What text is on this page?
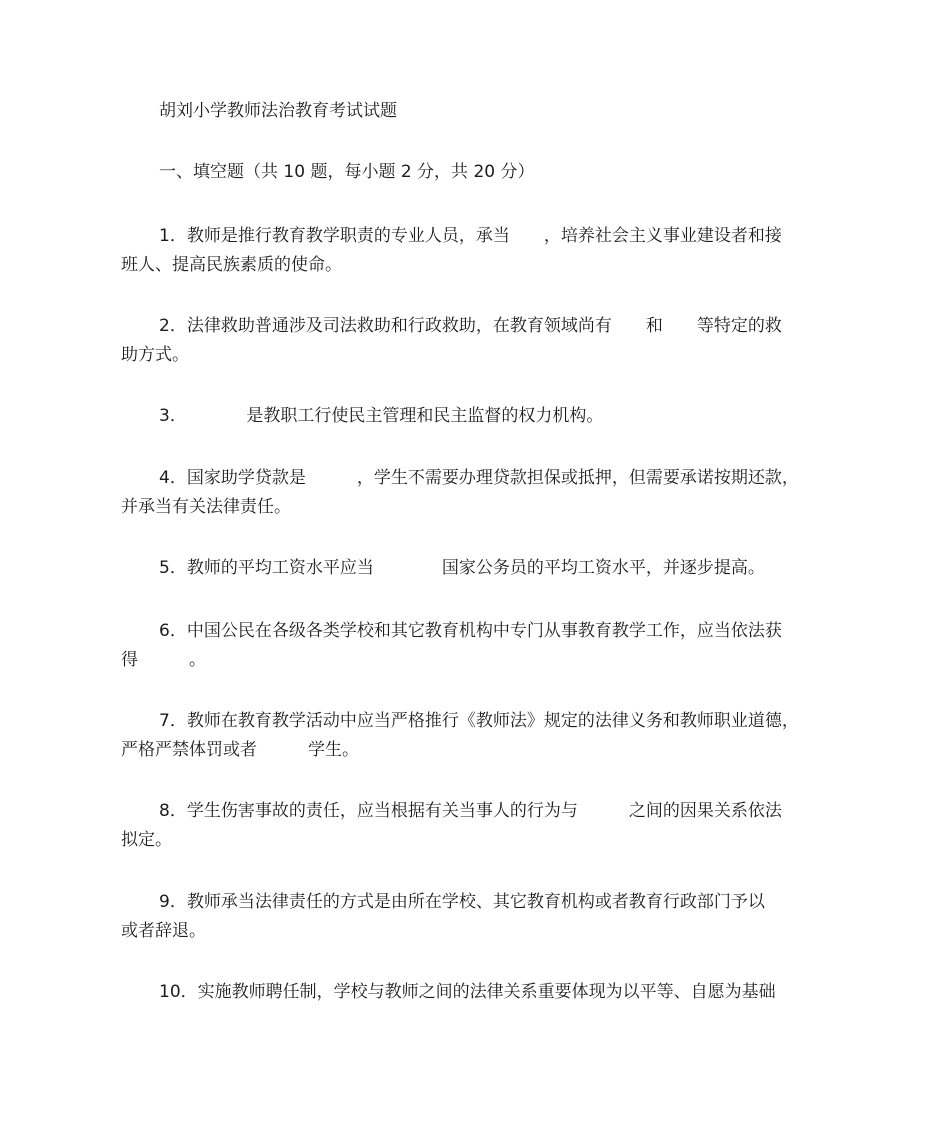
胡刘小学教师法治教育考试试题
一、填空题（共 10 题，每小题 2 分，共 20 分）
1．教师是推行教育教学职责的专业人员，承当　　，培养社会主义事业建设者和接
班人、提高民族素质的使命。
2．法律救助普通涉及司法救助和行政救助，在教育领域尚有　　和　　等特定的救
助方式。
3．　　　　是教职工行使民主管理和民主监督的权力机构。
4．国家助学贷款是　　　，学生不需要办理贷款担保或抵押，但需要承诺按期还款，
并承当有关法律责任。
5．教师的平均工资水平应当　　　　国家公务员的平均工资水平，并逐步提高。
6．中国公民在各级各类学校和其它教育机构中专门从事教育教学工作，应当依法获
得　　　。
7．教师在教育教学活动中应当严格推行《教师法》规定的法律义务和教师职业道德，
严格严禁体罚或者　　　学生。
8．学生伤害事故的责任，应当根据有关当事人的行为与　　　之间的因果关系依法
拟定。
9．教师承当法律责任的方式是由所在学校、其它教育机构或者教育行政部门予以
或者辞退。
10．实施教师聘任制，学校与教师之间的法律关系重要体现为以平等、自愿为基础
